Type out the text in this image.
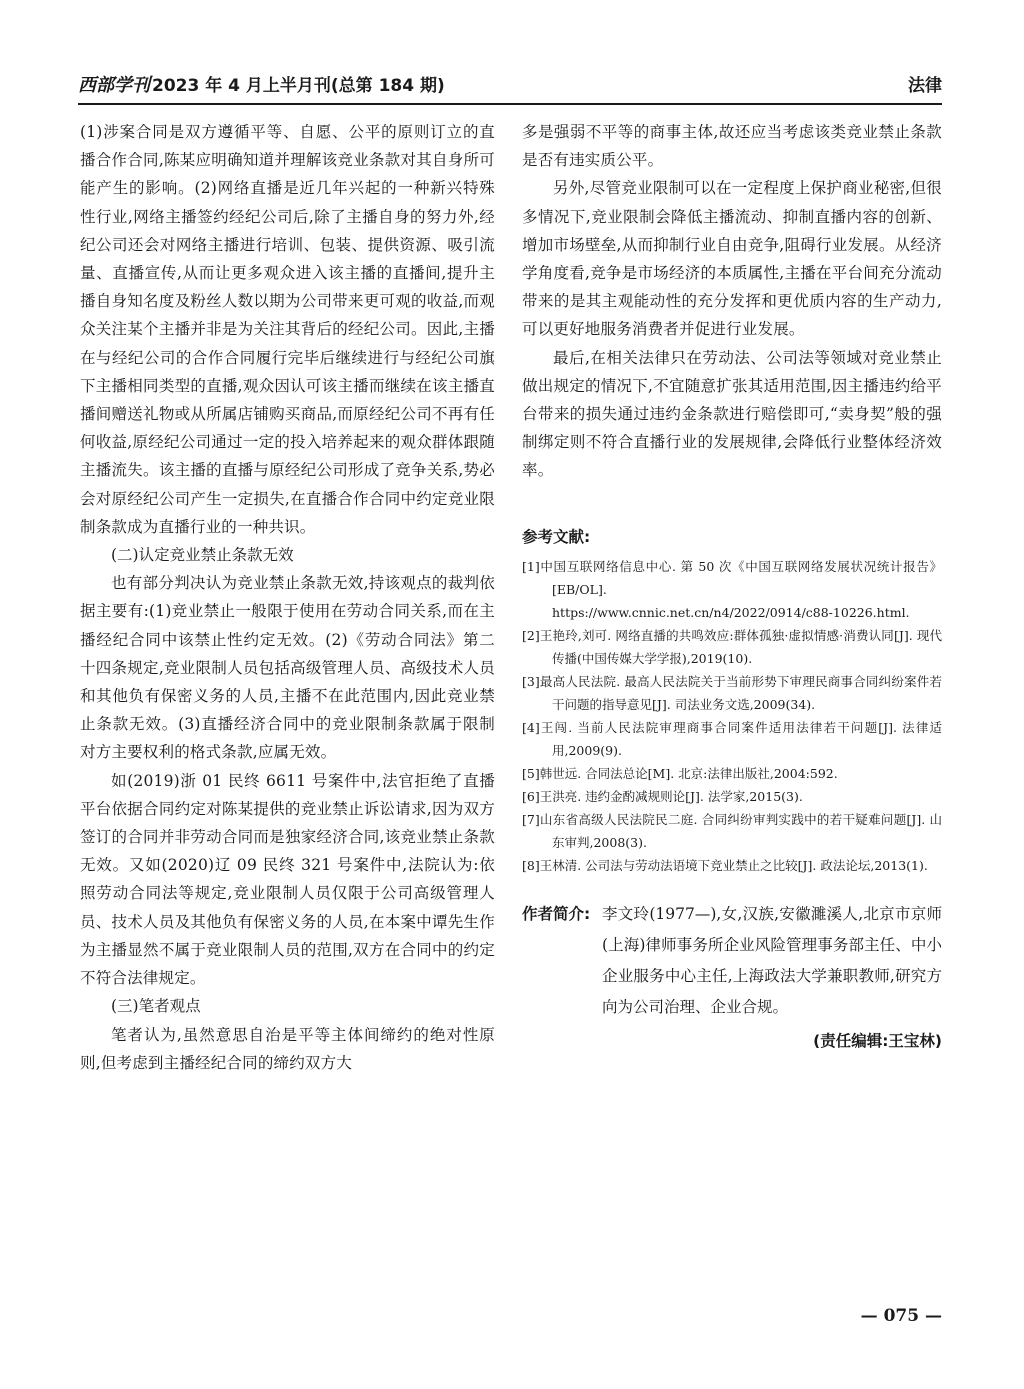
西部学刊 2023 年 4 月上半月刊(总第 184 期)	法律

(1)涉案合同是双方遵循平等、自愿、公平的原则订立的直播合作合同,陈某应明确知道并理解该竞业条款对其自身所可能产生的影响。(2)网络直播是近几年兴起的一种新兴特殊性行业,网络主播签约经纪公司后,除了主播自身的努力外,经纪公司还会对网络主播进行培训、包装、提供资源、吸引流量、直播宣传,从而让更多观众进入该主播的直播间,提升主播自身知名度及粉丝人数以期为公司带来更可观的收益,而观众关注某个主播并非是为关注其背后的经纪公司。因此,主播在与经纪公司的合作合同履行完毕后继续进行与经纪公司旗下主播相同类型的直播,观众因认可该主播而继续在该主播直播间赠送礼物或从所属店铺购买商品,而原经纪公司不再有任何收益,原经纪公司通过一定的投入培养起来的观众群体跟随主播流失。该主播的直播与原经纪公司形成了竞争关系,势必会对原经纪公司产生一定损失,在直播合作合同中约定竞业限制条款成为直播行业的一种共识。

(二)认定竞业禁止条款无效

也有部分判决认为竞业禁止条款无效,持该观点的裁判依据主要有:(1)竞业禁止一般限于使用在劳动合同关系,而在主播经纪合同中该禁止性约定无效。(2)《劳动合同法》第二十四条规定,竞业限制人员包括高级管理人员、高级技术人员和其他负有保密义务的人员,主播不在此范围内,因此竞业禁止条款无效。(3)直播经济合同中的竞业限制条款属于限制对方主要权利的格式条款,应属无效。

如(2019)浙 01 民终 6611 号案件中,法官拒绝了直播平台依据合同约定对陈某提供的竞业禁止诉讼请求,因为双方签订的合同并非劳动合同而是独家经济合同,该竞业禁止条款无效。又如(2020)辽 09 民终 321 号案件中,法院认为:依照劳动合同法等规定,竞业限制人员仅限于公司高级管理人员、技术人员及其他负有保密义务的人员,在本案中谭先生作为主播显然不属于竞业限制人员的范围,双方在合同中的约定不符合法律规定。

(三)笔者观点

笔者认为,虽然意思自治是平等主体间缔约的绝对性原则,但考虑到主播经纪合同的缔约双方大

多是强弱不平等的商事主体,故还应当考虑该类竞业禁止条款是否有违实质公平。

另外,尽管竞业限制可以在一定程度上保护商业秘密,但很多情况下,竞业限制会降低主播流动、抑制直播内容的创新、增加市场壁垒,从而抑制行业自由竞争,阻碍行业发展。从经济学角度看,竞争是市场经济的本质属性,主播在平台间充分流动带来的是其主观能动性的充分发挥和更优质内容的生产动力,可以更好地服务消费者并促进行业发展。

最后,在相关法律只在劳动法、公司法等领域对竞业禁止做出规定的情况下,不宜随意扩张其适用范围,因主播违约给平台带来的损失通过违约金条款进行赔偿即可,“卖身契”般的强制绑定则不符合直播行业的发展规律,会降低行业整体经济效率。

参考文献:

[1]中国互联网络信息中心. 第 50 次《中国互联网络发展状况统计报告》[EB/OL].

https://www.cnnic.net.cn/n4/2022/0914/c88-10226.html.

[2]王艳玲,刘可. 网络直播的共鸣效应:群体孤独·虚拟情感·消费认同[J]. 现代传播(中国传媒大学学报),2019(10).

[3]最高人民法院. 最高人民法院关于当前形势下审理民商事合同纠纷案件若干问题的指导意见[J]. 司法业务文选,2009(34).

[4]王闯. 当前人民法院审理商事合同案件适用法律若干问题[J]. 法律适用,2009(9).

[5]韩世远. 合同法总论[M]. 北京:法律出版社,2004:592.

[6]王洪亮. 违约金酌减规则论[J]. 法学家,2015(3).

[7]山东省高级人民法院民二庭. 合同纠纷审判实践中的若干疑难问题[J]. 山东审判,2008(3).

[8]王林清. 公司法与劳动法语境下竞业禁止之比较[J]. 政法论坛,2013(1).

作者简介: 李文玲(1977—),女,汉族,安徽濉溪人,北京市京师(上海)律师事务所企业风险管理事务部主任、中小企业服务中心主任,上海政法大学兼职教师,研究方向为公司治理、企业合规。
(责任编辑:王宝林)
— 075 —
